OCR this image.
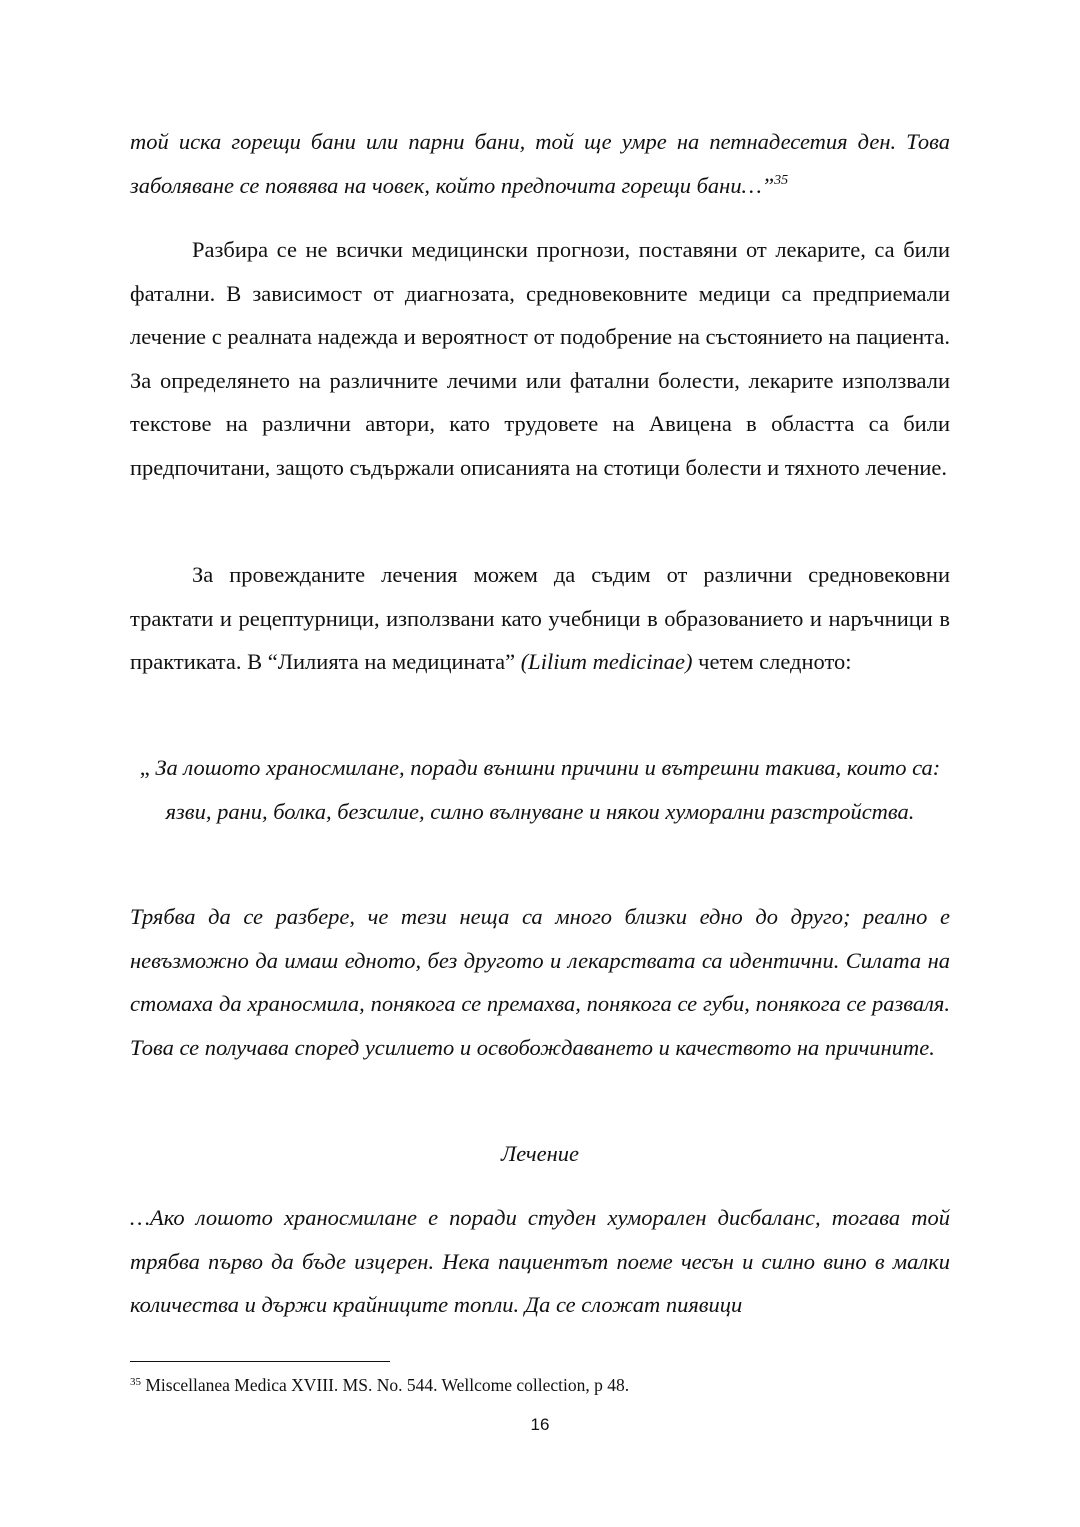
той иска горещи бани или парни бани, той ще умре на петнадесетия ден. Това заболяване се появява на човек, който предпочита горещи бани…”$^{35}$
Разбира се не всички медицински прогнози, поставяни от лекарите, са били фатални. В зависимост от диагнозата, средновековните медици са предприемали лечение с реалната надежда и вероятност от подобрение на състоянието на пациента. За определянето на различните лечими или фатални болести, лекарите използвали текстове на различни автори, като трудовете на Авицена в областта са били предпочитани, защото съдържали описанията на стотици болести и тяхното лечение.
За провежданите лечения можем да съдим от различни средновековни трактати и рецептурници, използвани като учебници в образованието и наръчници в практиката. В “Лилията на медицината” (Lilium medicinae) четем следното:
„ За лошото храносмилане, поради външни причини и вътрешни такива, които са: язви, рани, болка, безсилие, силно вълнуване и някои хуморални разстройства.
Трябва да се разбере, че тези неща са много близки едно до друго; реално е невъзможно да имаш едното, без другото и лекарствата са идентични. Силата на стомаха да храносмила, понякога се премахва, понякога се губи, понякога се разваля. Това се получава според усилието и освобождаването и качеството на причините.
Лечение
…Ако лошото храносмилане е поради студен хуморален дисбаланс, тогава той трябва първо да бъде изцерен. Нека пациентът поеме чесън и силно вино в малки количества и държи крайниците топли. Да се сложат пиявици
$^{35}$ Miscellanea Medica XVIII. MS. No. 544. Wellcome collection, p 48.
16
